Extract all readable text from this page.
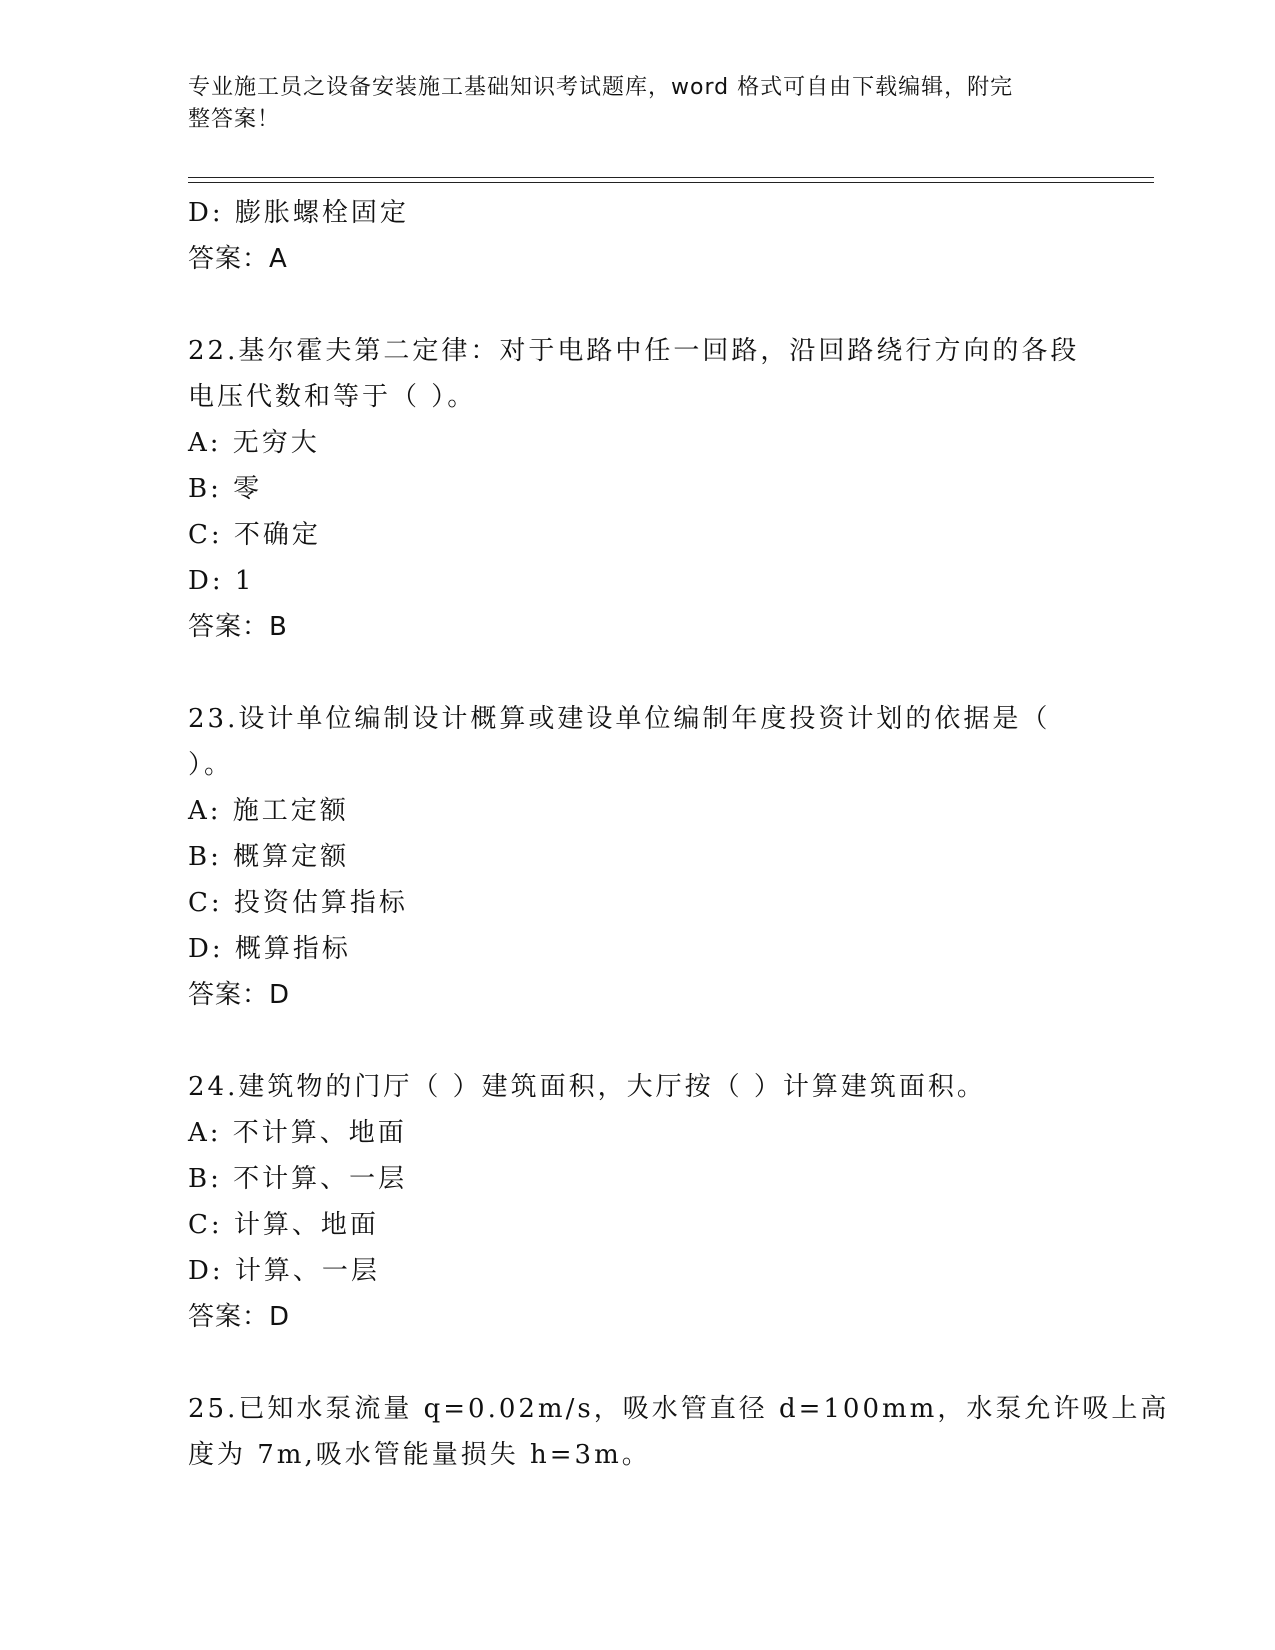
专业施工员之设备安装施工基础知识考试题库，word 格式可自由下载编辑，附完
整答案！
D: 膨胀螺栓固定
答案：A
22.基尔霍夫第二定律：对于电路中任一回路，沿回路绕行方向的各段
电压代数和等于（ ）。
A: 无穷大
B: 零
C: 不确定
D: 1
答案：B
23.设计单位编制设计概算或建设单位编制年度投资计划的依据是（
）。
A: 施工定额
B: 概算定额
C: 投资估算指标
D: 概算指标
答案：D
24.建筑物的门厅（ ）建筑面积，大厅按（ ）计算建筑面积。
A: 不计算、地面
B: 不计算、一层
C: 计算、地面
D: 计算、一层
答案：D
25.已知水泵流量 q=0.02m/s，吸水管直径 d=100mm，水泵允许吸上高
度为 7m,吸水管能量损失 h=3m。
